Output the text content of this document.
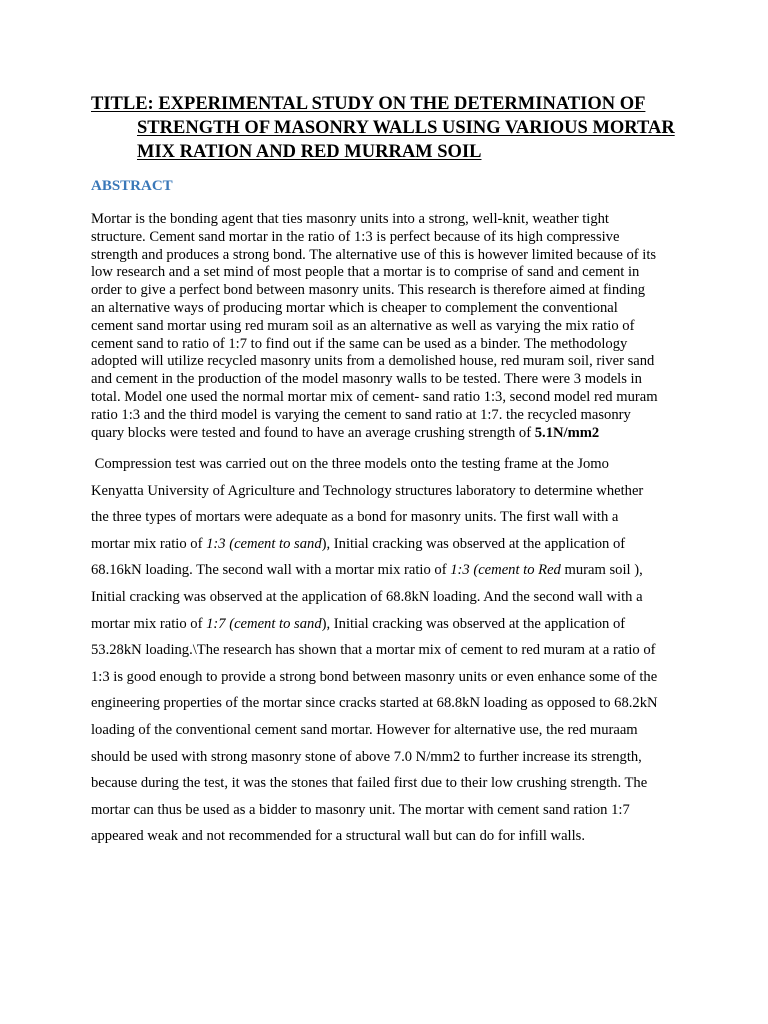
TITLE: EXPERIMENTAL STUDY ON THE DETERMINATION OF
STRENGTH OF MASONRY WALLS USING VARIOUS MORTAR
MIX RATION AND RED MURRAM SOIL
ABSTRACT

Mortar is the bonding agent that ties masonry units into a strong, well-knit, weather tight
structure. Cement sand mortar in the ratio of 1:3 is perfect because of its high compressive
strength and produces a strong bond. The alternative use of this is however limited because of its
low research and a set mind of most people that a mortar is to comprise of sand and cement in
order to give a perfect bond between masonry units. This research is therefore aimed at finding
an alternative ways of producing mortar which is cheaper to complement the conventional
cement sand mortar using red muram soil as an alternative as well as varying the mix ratio of
cement sand to ratio of 1:7 to find out if the same can be used as a binder. The methodology
adopted will utilize recycled masonry units from a demolished house, red muram soil, river sand
and cement in the production of the model masonry walls to be tested. There were 3 models in
total. Model one used the normal mortar mix of cement- sand ratio 1:3, second model red muram
ratio 1:3 and the third model is varying the cement to sand ratio at 1:7. the recycled masonry
quary blocks were tested and found to have an average crushing strength of 5.1N/mm2

Compression test was carried out on the three models onto the testing frame at the Jomo
Kenyatta University of Agriculture and Technology structures laboratory to determine whether
the three types of mortars were adequate as a bond for masonry units. The first wall with a
mortar mix ratio of 1:3 (cement to sand), Initial cracking was observed at the application of
68.16kN loading. The second wall with a mortar mix ratio of 1:3 (cement to Red muram soil ),
Initial cracking was observed at the application of 68.8kN loading. And the second wall with a
mortar mix ratio of 1:7 (cement to sand), Initial cracking was observed at the application of
53.28kN loading.\The research has shown that a mortar mix of cement to red muram at a ratio of
1:3 is good enough to provide a strong bond between masonry units or even enhance some of the
engineering properties of the mortar since cracks started at 68.8kN loading as opposed to 68.2kN
loading of the conventional cement sand mortar. However for alternative use, the red muraam
should be used with strong masonry stone of above 7.0 N/mm2 to further increase its strength,
because during the test, it was the stones that failed first due to their low crushing strength. The
mortar can thus be used as a bidder to masonry unit. The mortar with cement sand ration 1:7
appeared weak and not recommended for a structural wall but can do for infill walls.
